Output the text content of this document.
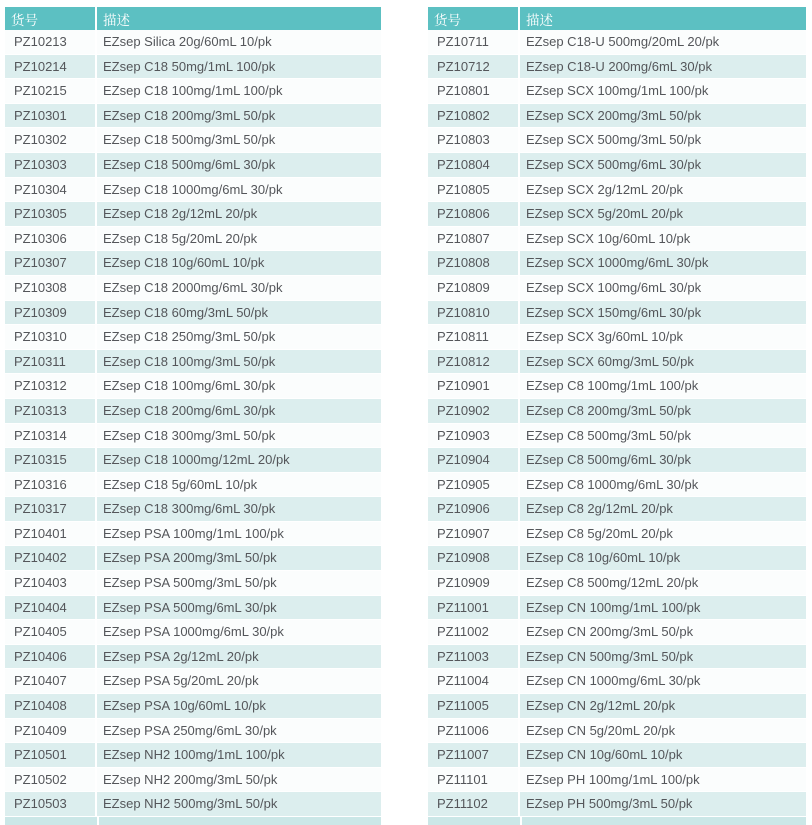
货号	描述
PZ10213	EZsep Silica 20g/60mL 10/pk
PZ10214	EZsep C18 50mg/1mL 100/pk
PZ10215	EZsep C18 100mg/1mL 100/pk
PZ10301	EZsep C18 200mg/3mL 50/pk
PZ10302	EZsep C18 500mg/3mL 50/pk
PZ10303	EZsep C18 500mg/6mL 30/pk
PZ10304	EZsep C18 1000mg/6mL 30/pk
PZ10305	EZsep C18 2g/12mL 20/pk
PZ10306	EZsep C18 5g/20mL 20/pk
PZ10307	EZsep C18 10g/60mL 10/pk
PZ10308	EZsep C18 2000mg/6mL 30/pk
PZ10309	EZsep C18 60mg/3mL 50/pk
PZ10310	EZsep C18 250mg/3mL 50/pk
PZ10311	EZsep C18 100mg/3mL 50/pk
PZ10312	EZsep C18 100mg/6mL 30/pk
PZ10313	EZsep C18 200mg/6mL 30/pk
PZ10314	EZsep C18 300mg/3mL 50/pk
PZ10315	EZsep C18 1000mg/12mL 20/pk
PZ10316	EZsep C18 5g/60mL 10/pk
PZ10317	EZsep C18 300mg/6mL 30/pk
PZ10401	EZsep PSA 100mg/1mL 100/pk
PZ10402	EZsep PSA 200mg/3mL 50/pk
PZ10403	EZsep PSA 500mg/3mL 50/pk
PZ10404	EZsep PSA 500mg/6mL 30/pk
PZ10405	EZsep PSA 1000mg/6mL 30/pk
PZ10406	EZsep PSA 2g/12mL 20/pk
PZ10407	EZsep PSA 5g/20mL 20/pk
PZ10408	EZsep PSA 10g/60mL 10/pk
PZ10409	EZsep PSA 250mg/6mL 30/pk
PZ10501	EZsep NH2 100mg/1mL 100/pk
PZ10502	EZsep NH2 200mg/3mL 50/pk
PZ10503	EZsep NH2 500mg/3mL 50/pk
货号	描述
PZ10711	EZsep C18-U 500mg/20mL 20/pk
PZ10712	EZsep C18-U 200mg/6mL 30/pk
PZ10801	EZsep SCX 100mg/1mL 100/pk
PZ10802	EZsep SCX 200mg/3mL 50/pk
PZ10803	EZsep SCX 500mg/3mL 50/pk
PZ10804	EZsep SCX 500mg/6mL 30/pk
PZ10805	EZsep SCX 2g/12mL 20/pk
PZ10806	EZsep SCX 5g/20mL 20/pk
PZ10807	EZsep SCX 10g/60mL 10/pk
PZ10808	EZsep SCX 1000mg/6mL 30/pk
PZ10809	EZsep SCX 100mg/6mL 30/pk
PZ10810	EZsep SCX 150mg/6mL 30/pk
PZ10811	EZsep SCX 3g/60mL 10/pk
PZ10812	EZsep SCX 60mg/3mL 50/pk
PZ10901	EZsep C8 100mg/1mL 100/pk
PZ10902	EZsep C8 200mg/3mL 50/pk
PZ10903	EZsep C8 500mg/3mL 50/pk
PZ10904	EZsep C8 500mg/6mL 30/pk
PZ10905	EZsep C8 1000mg/6mL 30/pk
PZ10906	EZsep C8 2g/12mL 20/pk
PZ10907	EZsep C8 5g/20mL 20/pk
PZ10908	EZsep C8 10g/60mL 10/pk
PZ10909	EZsep C8 500mg/12mL 20/pk
PZ11001	EZsep CN 100mg/1mL 100/pk
PZ11002	EZsep CN 200mg/3mL 50/pk
PZ11003	EZsep CN 500mg/3mL 50/pk
PZ11004	EZsep CN 1000mg/6mL 30/pk
PZ11005	EZsep CN 2g/12mL 20/pk
PZ11006	EZsep CN 5g/20mL 20/pk
PZ11007	EZsep CN 10g/60mL 10/pk
PZ11101	EZsep PH 100mg/1mL 100/pk
PZ11102	EZsep PH 500mg/3mL 50/pk
